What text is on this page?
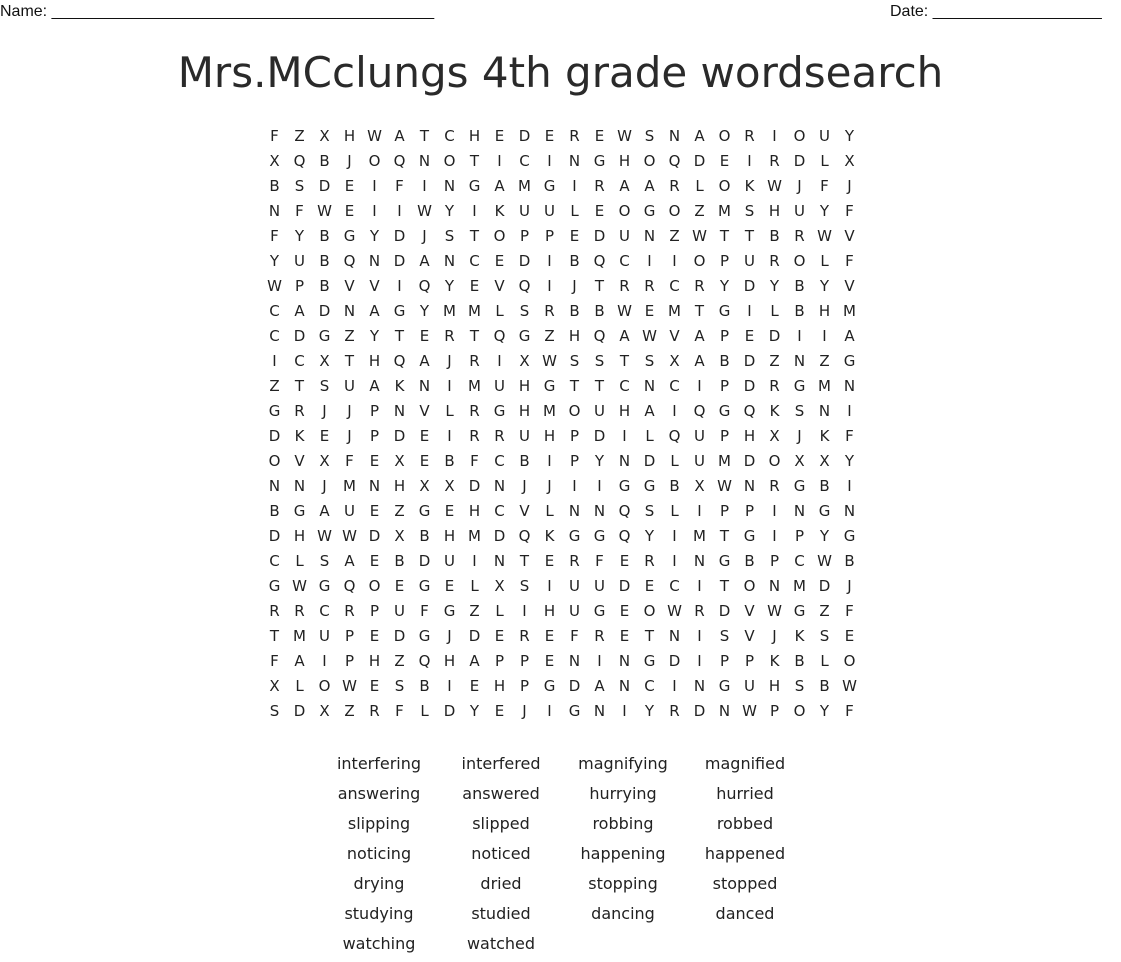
Name: ___________________________________________	Date: ___________________
Mrs.MCclungs 4th grade wordsearch
F	Z X H W A	T	C H E D E	R	E W S N A O R	I	O U Y
X Q B	J	O Q N O T	I	C	I	N G H O Q D E	I	R D	L	X
B	S D E	I	F	I	N G A M G	I	R A A R	L O K W	J	F	J
N	F W E	I	I	W Y	I	K U U	L	E O G O Z M S H U Y	F
F	Y	B G Y D	J	S	T O P	P	E D U N Z W T	T	B R W V
Y U B Q N D A N C	E D	I	B Q C	I	I	O P U R O L	F
W P	B V V	I	Q Y	E	V Q	I	J	T	R R C R	Y D Y	B	Y	V
C A D N A G Y M M L	S	R B B W E M T G	I	L	B H M
C D G Z	Y	T	E	R	T Q G Z H Q A W V A	P	E D	I	I	A
I	C X	T H Q A	J	R	I	X W S	S	T	S	X A B D Z N Z G
Z	T	S U A K N	I	M U H G T	T	C N C	I	P D R G M N
G R	J	J	P N V	L	R G H M O U H A	I	Q G Q K	S N	I
D K	E	J	P D E	I	R R U H P D	I	L Q U P H X	J	K	F
O V X	F	E	X	E	B	F	C B	I	P	Y N D	L	U M D O X X	Y
N N	J	M N H X X D N	J	J	I	I	G G B X W N R G B	I
B G A U E	Z G E H C V	L	N N Q S	L	I	P	P	I	N G N
D H W W D X B H M D Q K G G Q Y	I	M T G	I	P	Y G
C	L	S	A	E	B D U	I	N T	E	R	F	E	R	I	N G B	P	C W B
G W G Q O E G E	L	X	S	I	U U D E	C	I	T O N M D	J
R R C R	P U	F G Z	L	I	H U G E O W R D V W G Z	F
T M U P	E D G	J	D E	R	E	F	R	E	T N	I	S	V	J	K	S	E
F	A	I	P H Z Q H A	P	P	E N	I	N G D	I	P	P	K B	L O
X	L O W E	S	B	I	E H P G D A N C	I	N G U H S	B W
S D X Z R	F	L	D Y	E	J	I	G N	I	Y	R D N W P O Y	F
interfering	interfered	magnifying	magnified
answering	answered	hurrying	hurried
slipping	slipped	robbing	robbed
noticing	noticed	happening	happened
drying	dried	stopping	stopped
studying	studied	dancing	danced
watching	watched
